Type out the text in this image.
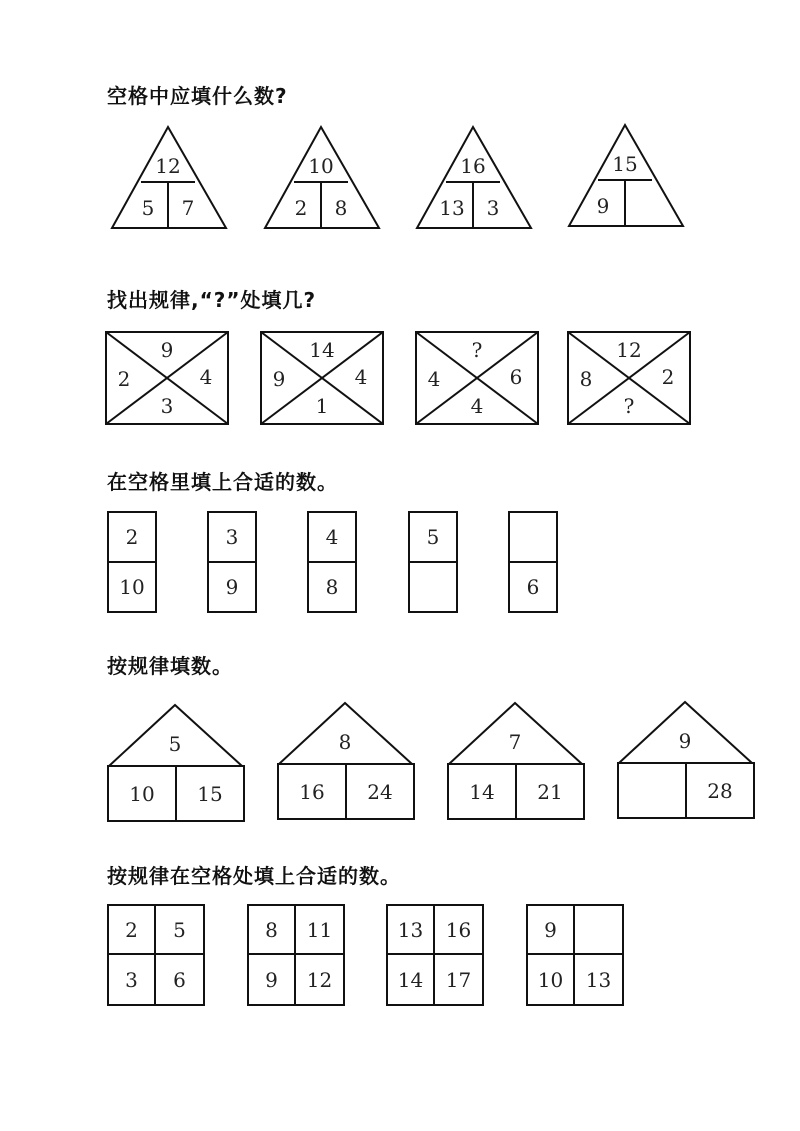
空格中应填什么数?
12
5 7
10
2 8
16
13 3
15
9
找出规律,“?”处填几?
9
2	4
3
14
9	4
1
?
4	6
4
12
8	2
?
在空格里填上合适的数。
2
10
3
9
4
8
5
6
按规律填数。
5
10 15
8
16 24
7
14 21
9
28
按规律在空格处填上合适的数。
2	5
3	6
8	11
9	12
13	16
14	17
9
10	13
